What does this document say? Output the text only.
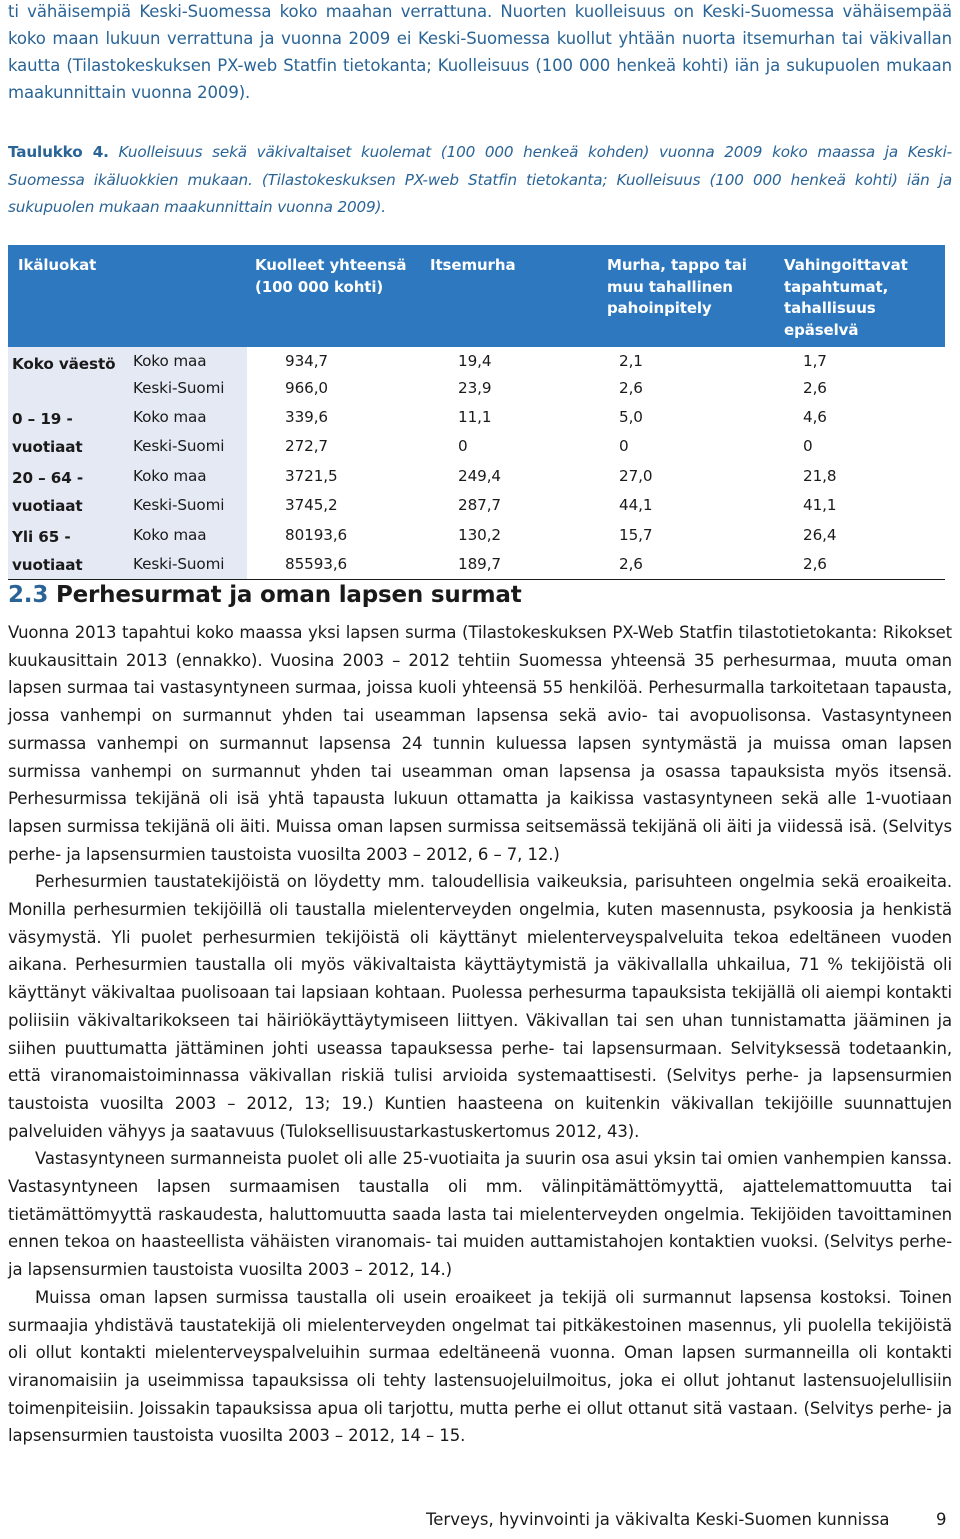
ti vähäisempiä Keski-Suomessa koko maahan verrattuna. Nuorten kuolleisuus on Keski-Suomessa vähäisempää koko maan lukuun verrattuna ja vuonna 2009 ei Keski-Suomessa kuollut yhtään nuorta itsemurhan tai väkivallan kautta (Tilastokeskuksen PX-web Statfin tietokanta; Kuolleisuus (100 000 henkeä kohti) iän ja sukupuolen mukaan maakunnittain vuonna 2009).

Taulukko 4. Kuolleisuus sekä väkivaltaiset kuolemat (100 000 henkeä kohden) vuonna 2009 koko maassa ja Keski-Suomessa ikäluokkien mukaan. (Tilastokeskuksen PX-web Statfin tietokanta; Kuolleisuus (100 000 henkeä kohti) iän ja sukupuolen mukaan maakunnittain vuonna 2009).

Ikäluokat		Kuolleet yhteensä (100 000 kohti)	Itsemurha	Murha, tappo tai muu tahallinen pahoinpitely	Vahingoittavat tapahtumat, tahallisuus epäselvä
Koko väestö	Koko maa	934,7	19,4	2,1	1,7
	Keski-Suomi	966,0	23,9	2,6	2,6
0 – 19 - vuotiaat	Koko maa	339,6	11,1	5,0	4,6
	Keski-Suomi	272,7	0	0	0
20 – 64 - vuotiaat	Koko maa	3721,5	249,4	27,0	21,8
	Keski-Suomi	3745,2	287,7	44,1	41,1
Yli 65 - vuotiaat	Koko maa	80193,6	130,2	15,7	26,4
	Keski-Suomi	85593,6	189,7	2,6	2,6
2.3 Perhesurmat ja oman lapsen surmat

Vuonna 2013 tapahtui koko maassa yksi lapsen surma (Tilastokeskuksen PX-Web Statfin tilastotietokanta: Rikokset kuukausittain 2013 (ennakko). Vuosina 2003 – 2012 tehtiin Suomessa yhteensä 35 perhesurmaa, muuta oman lapsen surmaa tai vastasyntyneen surmaa, joissa kuoli yhteensä 55 henkilöä. Perhesurmalla tarkoitetaan tapausta, jossa vanhempi on surmannut yhden tai useamman lapsensa sekä avio- tai avopuolisonsa. Vastasyntyneen surmassa vanhempi on surmannut lapsensa 24 tunnin kuluessa lapsen syntymästä ja muissa oman lapsen surmissa vanhempi on surmannut yhden tai useamman oman lapsensa ja osassa tapauksista myös itsensä. Perhesurmissa tekijänä oli isä yhtä tapausta lukuun ottamatta ja kaikissa vastasyntyneen sekä alle 1-vuotiaan lapsen surmissa tekijänä oli äiti. Muissa oman lapsen surmissa seitsemässä tekijänä oli äiti ja viidessä isä. (Selvitys perhe- ja lapsensurmien taustoista vuosilta 2003 – 2012, 6 – 7, 12.)

Perhesurmien taustatekijöistä on löydetty mm. taloudellisia vaikeuksia, parisuhteen ongelmia sekä eroaikeita. Monilla perhesurmien tekijöillä oli taustalla mielenterveyden ongelmia, kuten masennusta, psykoosia ja henkistä väsymystä. Yli puolet perhesurmien tekijöistä oli käyttänyt mielenterveyspalveluita tekoa edeltäneen vuoden aikana. Perhesurmien taustalla oli myös väkivaltaista käyttäytymistä ja väkivallalla uhkailua, 71 % tekijöistä oli käyttänyt väkivaltaa puolisoaan tai lapsiaan kohtaan. Puolessa perhesurma tapauksista tekijällä oli aiempi kontakti poliisiin väkivaltarikokseen tai häiriökäyttäytymiseen liittyen. Väkivallan tai sen uhan tunnistamatta jääminen ja siihen puuttumatta jättäminen johti useassa tapauksessa perhe- tai lapsensurmaan. Selvityksessä todetaankin, että viranomaistoiminnassa väkivallan riskiä tulisi arvioida systemaattisesti. (Selvitys perhe- ja lapsensurmien taustoista vuosilta 2003 – 2012, 13; 19.) Kuntien haasteena on kuitenkin väkivallan tekijöille suunnattujen palveluiden vähyys ja saatavuus (Tuloksellisuustarkastuskertomus 2012, 43).

Vastasyntyneen surmanneista puolet oli alle 25-vuotiaita ja suurin osa asui yksin tai omien vanhempien kanssa. Vastasyntyneen lapsen surmaamisen taustalla oli mm. välinpitämättömyyttä, ajattelemattomuutta tai tietämättömyyttä raskaudesta, haluttomuutta saada lasta tai mielenterveyden ongelmia. Tekijöiden tavoittaminen ennen tekoa on haasteellista vähäisten viranomais- tai muiden auttamistahojen kontaktien vuoksi. (Selvitys perhe- ja lapsensurmien taustoista vuosilta 2003 – 2012, 14.)

Muissa oman lapsen surmissa taustalla oli usein eroaikeet ja tekijä oli surmannut lapsensa kostoksi. Toinen surmaajia yhdistävä taustatekijä oli mielenterveyden ongelmat tai pitkäkestoinen masennus, yli puolella tekijöistä oli ollut kontakti mielenterveyspalveluihin surmaa edeltäneenä vuonna. Oman lapsen surmanneilla oli kontakti viranomaisiin ja useimmissa tapauksissa oli tehty lastensuojeluilmoitus, joka ei ollut johtanut lastensuojelullisiin toimenpiteisiin. Joissakin tapauksissa apua oli tarjottu, mutta perhe ei ollut ottanut sitä vastaan. (Selvitys perhe- ja lapsensurmien taustoista vuosilta 2003 – 2012, 14 – 15.

Terveys, hyvinvointi ja väkivalta Keski-Suomen kunnissa	9
